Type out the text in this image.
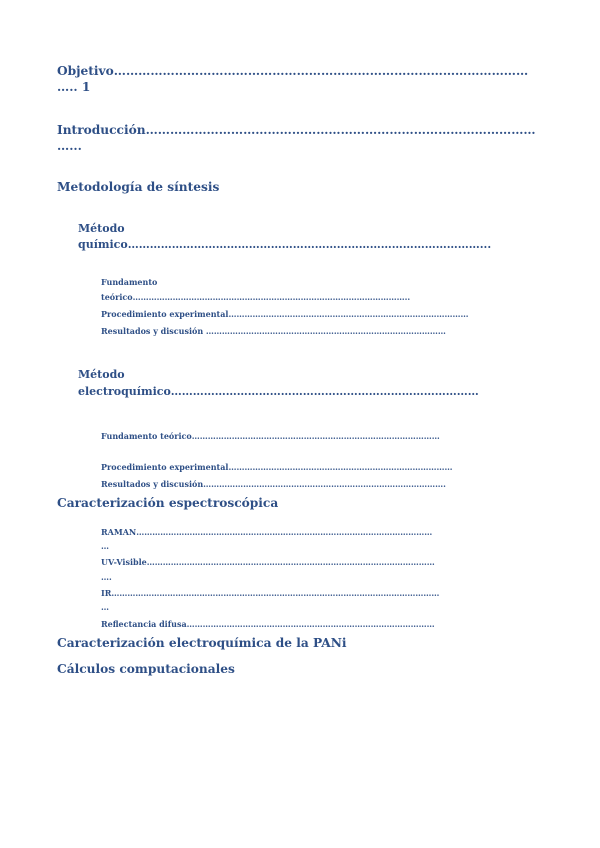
Objetivo…………………………………………………………………………………………
….. 1
Introducción……………………………………………………………………………………
…...
Metodología de síntesis
Método
químico……………………………………………………………………………………...
Fundamento
teórico…………………………………………………………………………………………..
Procedimiento experimental………………………………………………………………………………
Resultados y discusión ………………………………………………………………………………
Método
electroquímico…………………………………………………………………………
Fundamento teórico…………………………………………………………………………………
Procedimiento experimental…………………………………………………………………………
Resultados y discusión……………………………………………………………………………….
Caracterización espectroscópica
RAMAN…………………………………………………………………………………………………
…
UV-Visible………………………………………………………………………………………………
….
IR……………………………………………………………………………………………………………
…
Reflectancia difusa…………………………………………………………………………………
Caracterización electroquímica de la PANi
Cálculos computacionales
